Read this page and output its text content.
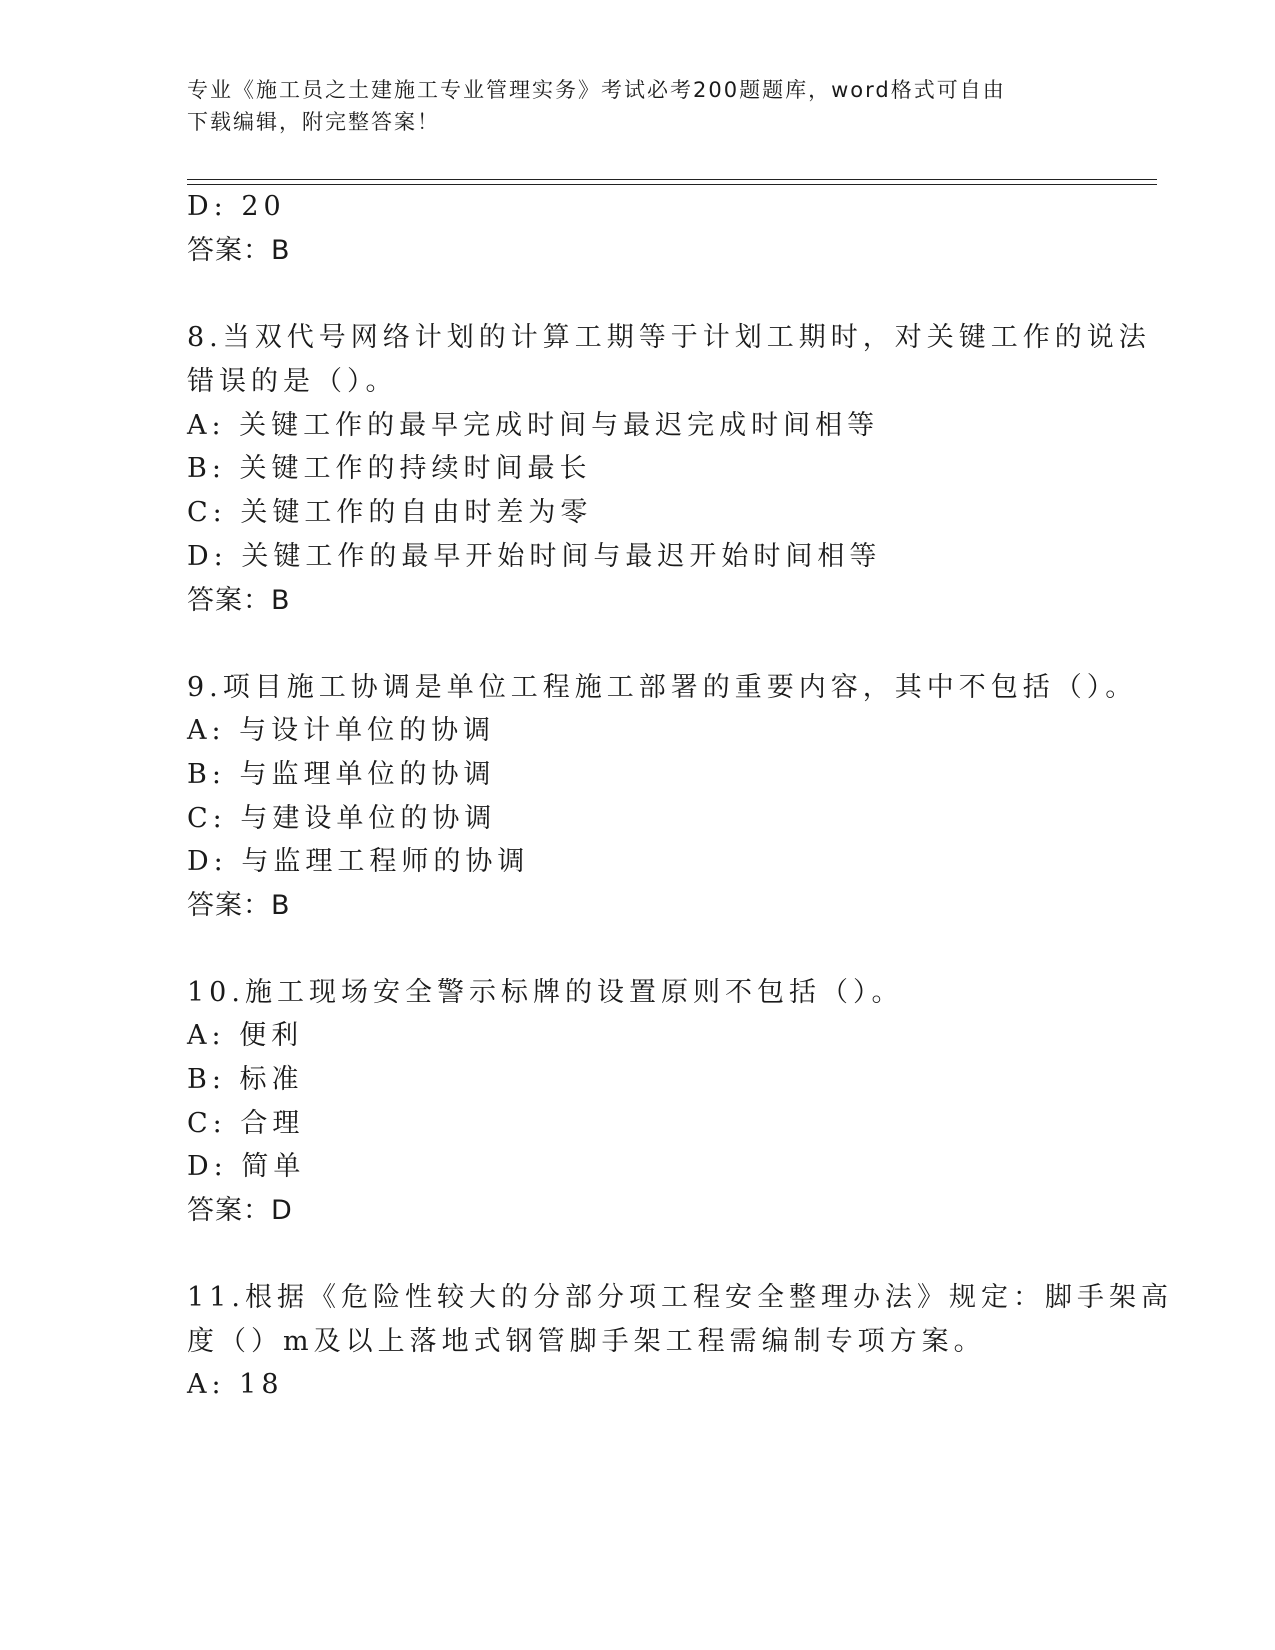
专业《施工员之土建施工专业管理实务》考试必考200题题库，word格式可自由
下载编辑，附完整答案！
D: 20
答案：B
8.当双代号网络计划的计算工期等于计划工期时，对关键工作的说法
错误的是（）。
A: 关键工作的最早完成时间与最迟完成时间相等
B: 关键工作的持续时间最长
C: 关键工作的自由时差为零
D: 关键工作的最早开始时间与最迟开始时间相等
答案：B
9.项目施工协调是单位工程施工部署的重要内容，其中不包括（）。
A: 与设计单位的协调
B: 与监理单位的协调
C: 与建设单位的协调
D: 与监理工程师的协调
答案：B
10.施工现场安全警示标牌的设置原则不包括（）。
A: 便利
B: 标准
C: 合理
D: 简单
答案：D
11.根据《危险性较大的分部分项工程安全整理办法》规定：脚手架高
度（）m及以上落地式钢管脚手架工程需编制专项方案。
A: 18
